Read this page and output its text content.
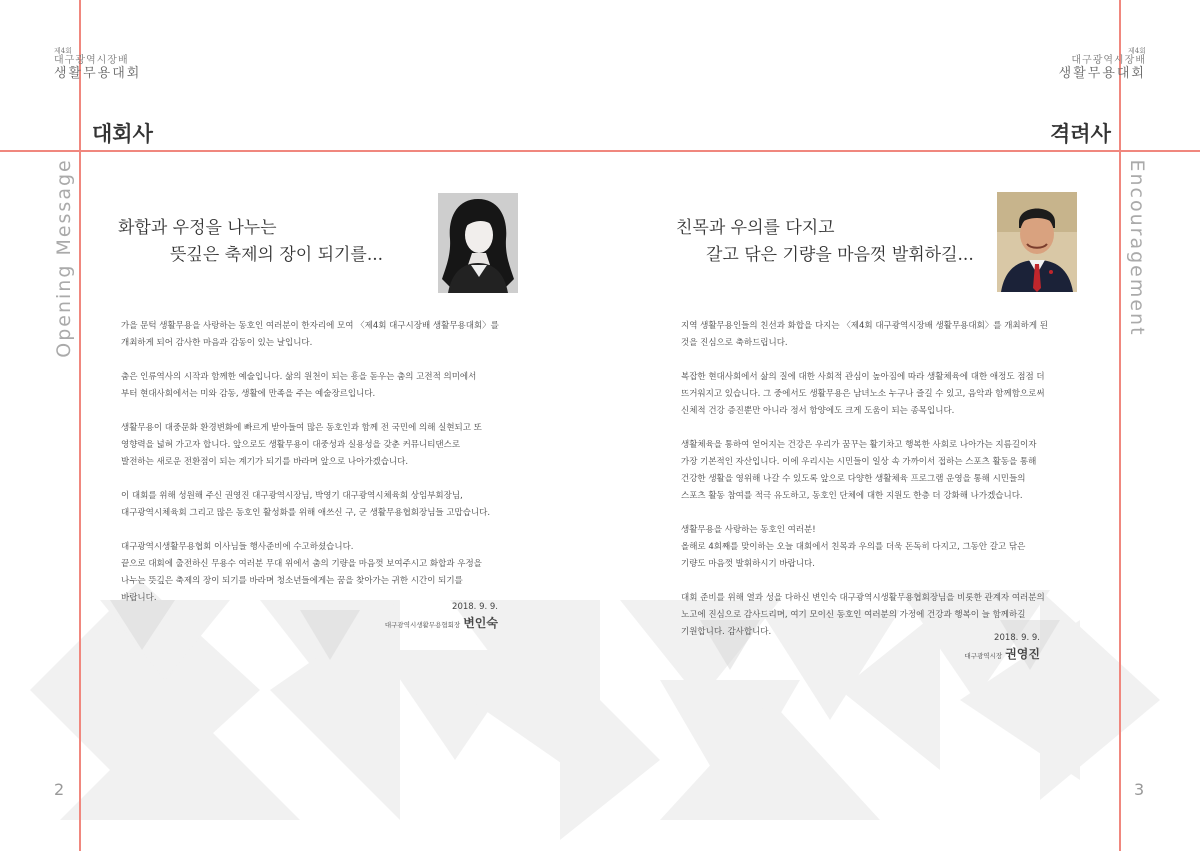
제4회
대구광역시장배
생활무용대회
제4회
대구광역시장배
생활무용대회
대회사	격려사
Opening Message	Encouragement
화합과 우정을 나누는
뜻깊은 축제의 장이 되기를...

가을 문턱 생활무용을 사랑하는 동호인 여러분이 한자리에 모여 〈제4회 대구시장배 생활무용대회〉를
개최하게 되어 감사한 마음과 감동이 있는 날입니다.

춤은 인류역사의 시작과 함께한 예술입니다. 삶의 원천이 되는 흥을 돋우는 춤의 고전적 의미에서
부터 현대사회에서는 미와 감동, 생활에 만족을 주는 예술장르입니다.

생활무용이 대중문화 환경변화에 빠르게 받아들여 많은 동호인과 함께 전 국민에 의해 실현되고 또
영향력을 넓혀 가고자 합니다. 앞으로도 생활무용이 대중성과 실용성을 갖춘 커뮤니티댄스로
발전하는 새로운 전환점이 되는 계기가 되기를 바라며 앞으로 나아가겠습니다.

이 대회를 위해 성원해 주신 권영진 대구광역시장님, 박영기 대구광역시체육회 상임부회장님,
대구광역시체육회 그리고 많은 동호인 활성화를 위해 애쓰신 구, 군 생활무용협회장님들 고맙습니다.

대구광역시생활무용협회 이사님들 행사준비에 수고하셨습니다.
끝으로 대회에 출전하신 무용수 여러분 무대 위에서 춤의 기량을 마음껏 보여주시고 화합과 우정을
나누는 뜻깊은 축제의 장이 되기를 바라며 청소년들에게는 꿈을 찾아가는 귀한 시간이 되기를
바랍니다.

2018. 9. 9.
대구광역시생활무용협회장 변인숙
2
친목과 우의를 다지고
갈고 닦은 기량을 마음껏 발휘하길...

지역 생활무용인들의 친선과 화합을 다지는 〈제4회 대구광역시장배 생활무용대회〉를 개최하게 된
것을 진심으로 축하드립니다.

복잡한 현대사회에서 삶의 질에 대한 사회적 관심이 높아짐에 따라 생활체육에 대한 애정도 점점 더
뜨거워지고 있습니다. 그 중에서도 생활무용은 남녀노소 누구나 즐길 수 있고, 음악과 함께함으로써
신체적 건강 증진뿐만 아니라 정서 함양에도 크게 도움이 되는 종목입니다.

생활체육을 통하여 얻어지는 건강은 우리가 꿈꾸는 활기차고 행복한 사회로 나아가는 지름길이자
가장 기본적인 자산입니다. 이에 우리시는 시민들이 일상 속 가까이서 접하는 스포츠 활동을 통해
건강한 생활을 영위해 나갈 수 있도록 앞으로 다양한 생활체육 프로그램 운영을 통해 시민들의
스포츠 활동 참여를 적극 유도하고, 동호인 단체에 대한 지원도 한층 더 강화해 나가겠습니다.

생활무용을 사랑하는 동호인 여러분!
올해로 4회째를 맞이하는 오늘 대회에서 친목과 우의를 더욱 돈독히 다지고, 그동안 갈고 닦은
기량도 마음껏 발휘하시기 바랍니다.

대회 준비를 위해 열과 성을 다하신 변인숙 대구광역시생활무용협회장님을 비롯한 관계자 여러분의
노고에 진심으로 감사드리며, 여기 모이신 동호인 여러분의 가정에 건강과 행복이 늘 함께하길
기원합니다. 감사합니다.

2018. 9. 9.
대구광역시장 권영진
3
